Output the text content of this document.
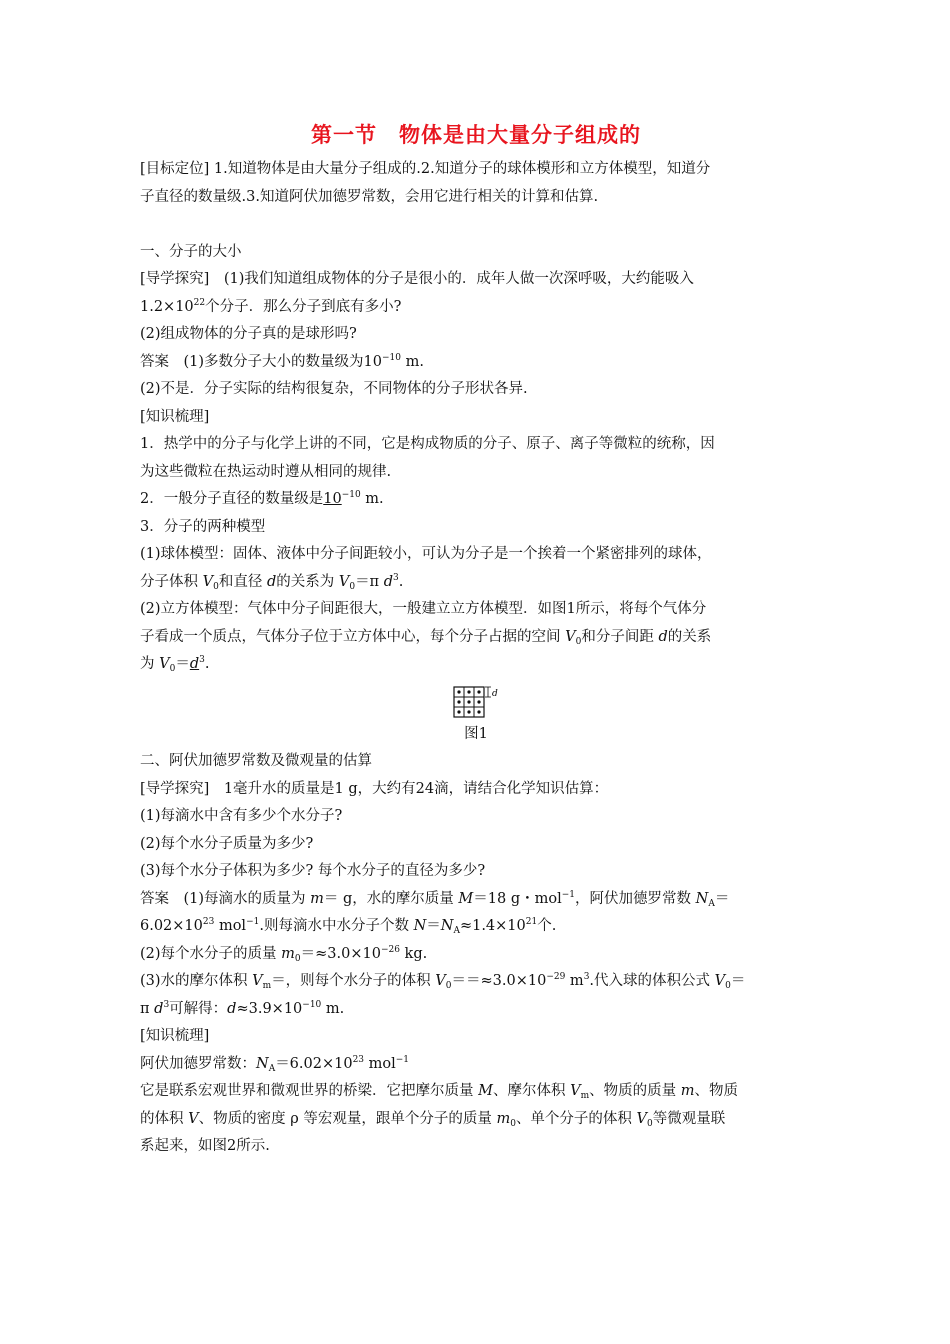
第一节　物体是由大量分子组成的
[目标定位] 1.知道物体是由大量分子组成的.2.知道分子的球体模形和立方体模型，知道分
子直径的数量级.3.知道阿伏加德罗常数，会用它进行相关的计算和估算.
一、分子的大小
[导学探究]　(1)我们知道组成物体的分子是很小的．成年人做一次深呼吸，大约能吸入
$1.2\times 10^{22}$个分子．那么分子到底有多小?
(2)组成物体的分子真的是球形吗?
答案　(1)多数分子大小的数量级为$10^{-10}$ m.
(2)不是．分子实际的结构很复杂，不同物体的分子形状各异.
[知识梳理]
1．热学中的分子与化学上讲的不同，它是构成物质的分子、原子、离子等微粒的统称，因
为这些微粒在热运动时遵从相同的规律.
2．一般分子直径的数量级是$10^{-10}$ m.
3．分子的两种模型
(1)球体模型：固体、液体中分子间距较小，可认为分子是一个挨着一个紧密排列的球体，
分子体积 $V_0$和直径 d的关系为 $V_0=\pi$ $d^3$.
(2)立方体模型：气体中分子间距很大，一般建立立方体模型．如图1所示，将每个气体分
子看成一个质点，气体分子位于立方体中心，每个分子占据的空间 $V_0$和分子间距 d的关系
为 $V_0=d^3$.
d
图1
二、阿伏加德罗常数及微观量的估算
[导学探究]　1毫升水的质量是1 g，大约有24滴，请结合化学知识估算：
(1)每滴水中含有多少个水分子?
(2)每个水分子质量为多少?
(3)每个水分子体积为多少? 每个水分子的直径为多少?
答案　(1)每滴水的质量为 m＝ g，水的摩尔质量 M＝18 g・mol$^{-1}$，阿伏加德罗常数 $N_A=$
$6.02\times 10^{23}$ mol$^{-1}$.则每滴水中水分子个数 $N=N_A\approx 1.4\times 10^{21}$个.
(2)每个水分子的质量 $m_0=\approx 3.0\times 10^{-26}$ kg.
(3)水的摩尔体积 $V_m=$，则每个水分子的体积 $V_0==\approx 3.0\times 10^{-29}$ $m^3$.代入球的体积公式 $V_0=$
π $d^3$可解得：$d\approx 3.9\times 10^{-10}$ m.
[知识梳理]
阿伏加德罗常数：$N_A=6.02\times 10^{23}$ mol$^{-1}$
它是联系宏观世界和微观世界的桥梁．它把摩尔质量 M、摩尔体积 $V_m$、物质的质量 m、物质
的体积 V、物质的密度 ρ 等宏观量，跟单个分子的质量 $m_0$、单个分子的体积 $V_0$等微观量联
系起来，如图2所示.
